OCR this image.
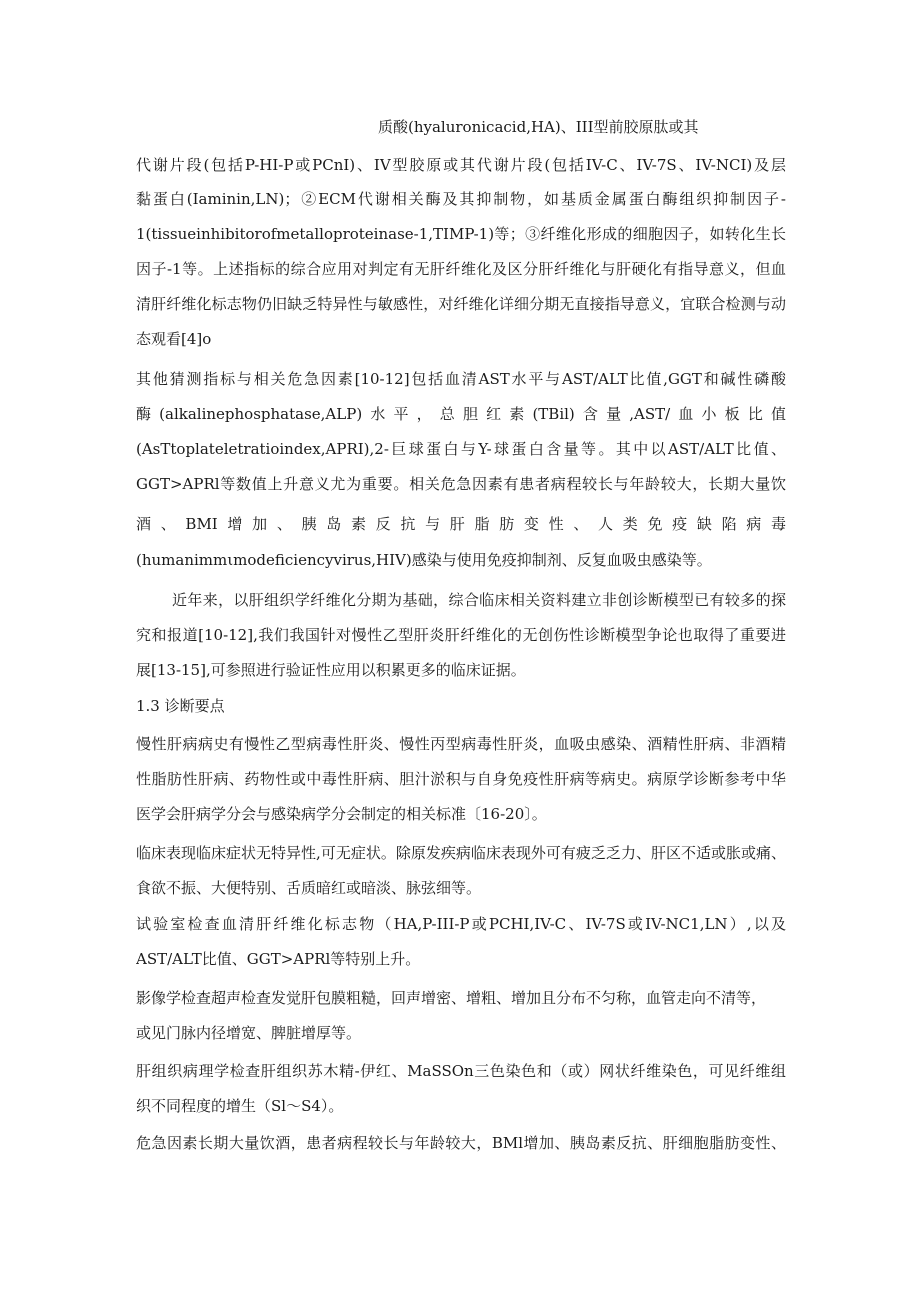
质酸(hyaluronicacid,HA)、III型前胶原肽或其
代谢片段(包括P-HI-P或PCnI)、IV型胶原或其代谢片段(包括IV-C、IV-7S、IV-NCI)及层
黏蛋白(Iaminin,LN)；②ECM代谢相关酶及其抑制物，如基质金属蛋白酶组织抑制因子-
1(tissueinhibitorofmetalloproteinase-1,TIMP-1)等；③纤维化形成的细胞因子，如转化生长
因子-1等。上述指标的综合应用对判定有无肝纤维化及区分肝纤维化与肝硬化有指导意义，但血
清肝纤维化标志物仍旧缺乏特异性与敏感性，对纤维化详细分期无直接指导意义，宜联合检测与动
态观看[4]o
其他猜测指标与相关危急因素[10-12]包括血清AST水平与AST/ALT比值,GGT和碱性磷酸
酶(alkalinephosphatase,ALP)水平，总胆红素(TBil)含量,AST/血小板比值
(AsTtoplateletratioindex,APRI),2-巨球蛋白与Y-球蛋白含量等。其中以AST/ALT比值、
GGT>APRl等数值上升意义尤为重要。相关危急因素有患者病程较长与年龄较大，长期大量饮
酒、BMI增加、胰岛素反抗与肝脂肪变性、人类免疫缺陷病毒
(humanimmιmodeficiencyvirus,HIV)感染与使用免疫抑制剂、反复血吸虫感染等。
近年来，以肝组织学纤维化分期为基础，综合临床相关资料建立非创诊断模型已有较多的探
究和报道[10-12],我们我国针对慢性乙型肝炎肝纤维化的无创伤性诊断模型争论也取得了重要进
展[13-15],可参照进行验证性应用以积累更多的临床证据。
1.3 诊断要点
慢性肝病病史有慢性乙型病毒性肝炎、慢性丙型病毒性肝炎，血吸虫感染、酒精性肝病、非酒精
性脂肪性肝病、药物性或中毒性肝病、胆汁淤积与自身免疫性肝病等病史。病原学诊断参考中华
医学会肝病学分会与感染病学分会制定的相关标准〔16-20〕。
临床表现临床症状无特异性,可无症状。除原发疾病临床表现外可有疲乏乏力、肝区不适或胀或痛、
食欲不振、大便特别、舌质暗红或暗淡、脉弦细等。
试验室检查血清肝纤维化标志物（HA,P-III-P或PCHI,IV-C、IV-7S或IV-NC1,LN）,以及
AST/ALT比值、GGT>APRl等特别上升。
影像学检查超声检查发觉肝包膜粗糙，回声增密、增粗、增加且分布不匀称，血管走向不清等，
或见门脉内径增宽、脾脏增厚等。
肝组织病理学检查肝组织苏木精-伊红、MaSSOn三色染色和（或）网状纤维染色，可见纤维组
织不同程度的增生（Sl～S4）。
危急因素长期大量饮酒，患者病程较长与年龄较大，BMl增加、胰岛素反抗、肝细胞脂肪变性、
